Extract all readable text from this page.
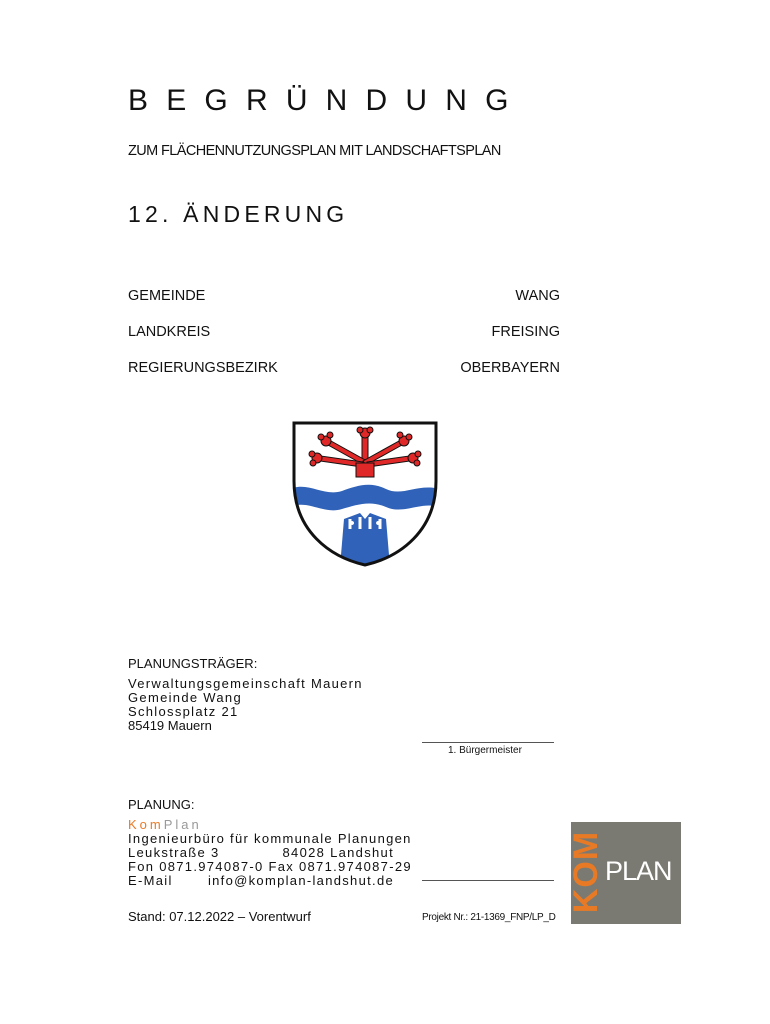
BEGRÜNDUNG
ZUM FLÄCHENNUTZUNGSPLAN MIT LANDSCHAFTSPLAN
12. ÄNDERUNG
GEMEINDE	WANG
LANDKREIS	FREISING
REGIERUNGSBEZIRK	OBERBAYERN
PLANUNGSTRÄGER:
Verwaltungsgemeinschaft Mauern
Gemeinde Wang
Schlossplatz 21
85419 Mauern
1. Bürgermeister
PLANUNG:
KomPlan
Ingenieurbüro für kommunale Planungen
Leukstraße 3	84028 Landshut
Fon 0871.974087-0 Fax 0871.974087-29
E-Mail	info@komplan-landshut.de
Stand: 07.12.2022 – Vorentwurf	Projekt Nr.: 21-1369_FNP/LP_D
KOM PLAN
